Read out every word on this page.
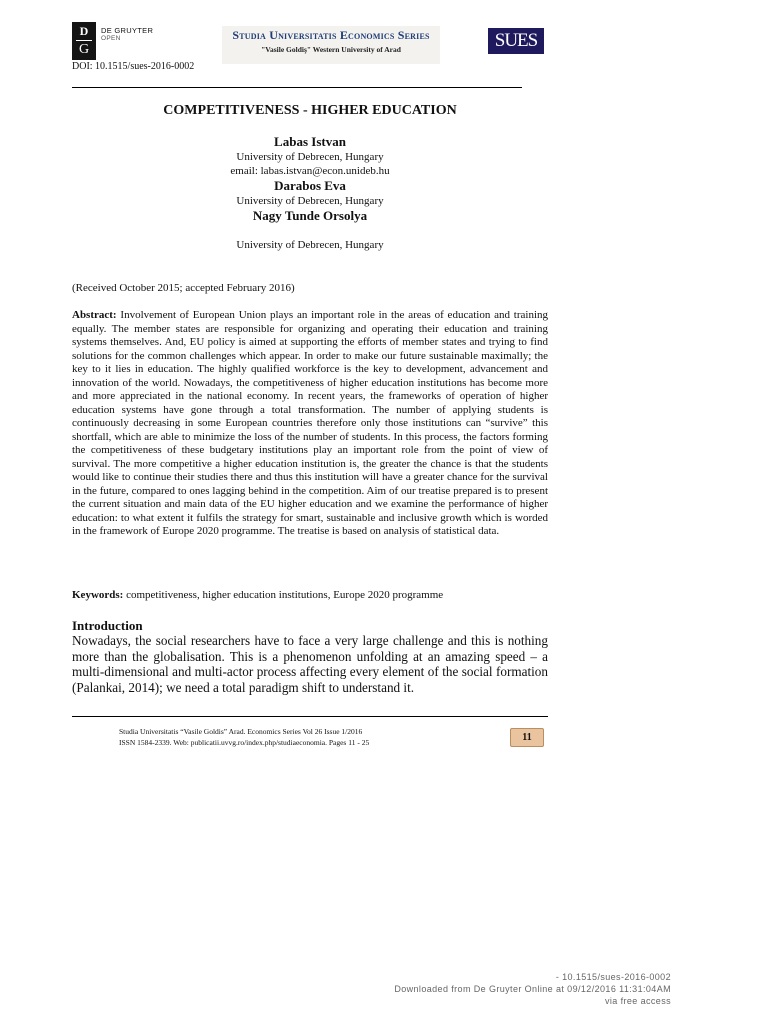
D
G
DE GRUYTER
OPEN	Studia Universitatis Economics Series
"Vasile Goldiş" Western University of Arad	SUES
DOI: 10.1515/sues-2016-0002
COMPETITIVENESS - HIGHER EDUCATION
Labas Istvan
University of Debrecen, Hungary
email: labas.istvan@econ.unideb.hu
Darabos Eva
University of Debrecen, Hungary
Nagy Tunde Orsolya
University of Debrecen, Hungary
(Received October 2015; accepted February 2016)
Abstract: Involvement of European Union plays an important role in the areas of education and training equally. The member states are responsible for organizing and operating their education and training systems themselves. And, EU policy is aimed at supporting the efforts of member states and trying to find solutions for the common challenges which appear. In order to make our future sustainable maximally; the key to it lies in education. The highly qualified workforce is the key to development, advancement and innovation of the world. Nowadays, the competitiveness of higher education institutions has become more and more appreciated in the national economy. In recent years, the frameworks of operation of higher education systems have gone through a total transformation. The number of applying students is continuously decreasing in some European countries therefore only those institutions can “survive” this shortfall, which are able to minimize the loss of the number of students. In this process, the factors forming the competitiveness of these budgetary institutions play an important role from the point of view of survival. The more competitive a higher education institution is, the greater the chance is that the students would like to continue their studies there and thus this institution will have a greater chance for the survival in the future, compared to ones lagging behind in the competition. Aim of our treatise prepared is to present the current situation and main data of the EU higher education and we examine the performance of higher education: to what extent it fulfils the strategy for smart, sustainable and inclusive growth which is worded in the framework of Europe 2020 programme. The treatise is based on analysis of statistical data.
Keywords: competitiveness, higher education institutions, Europe 2020 programme
Introduction
Nowadays, the social researchers have to face a very large challenge and this is nothing more than the globalisation. This is a phenomenon unfolding at an amazing speed – a multi-dimensional and multi-actor process affecting every element of the social formation (Palankai, 2014); we need a total paradigm shift to understand it.
Studia Universitatis “Vasile Goldis” Arad. Economics Series Vol 26 Issue 1/2016
ISSN 1584-2339. Web: publicatii.uvvg.ro/index.php/studiaeconomia. Pages 11 - 25	11
- 10.1515/sues-2016-0002
Downloaded from De Gruyter Online at 09/12/2016 11:31:04AM
via free access
